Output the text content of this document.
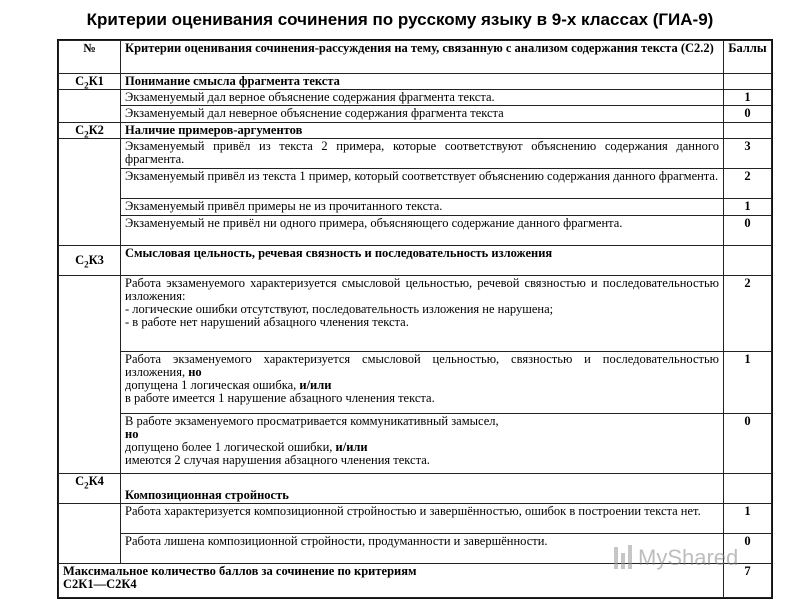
Критерии оценивания сочинения по русскому языку в 9-х классах (ГИА-9)
№	Критерии оценивания сочинения-рассуждения на тему, связанную с анализом содержания текста (С2.2)	Баллы
$С_2К1$	Понимание смысла фрагмента текста	
	Экзаменуемый дал верное объяснение содержания фрагмента текста.	1
	Экзаменуемый дал неверное объяснение содержания фрагмента текста	0
$С_2К2$	Наличие примеров-аргументов	
	Экзаменуемый привёл из текста 2 примера, которые соответствуют объяснению содержания данного фрагмента.	3
	Экзаменуемый привёл из текста 1 пример, который соответствует объяснению содержания данного фрагмента.	2
	Экзаменуемый привёл примеры не из прочитанного текста.	1
	Экзаменуемый не привёл ни одного примера, объясняющего содержание данного фрагмента.	0
$С_2К3$	Смысловая цельность, речевая связность и последовательность изложения	

	Работа экзаменуемого характеризуется смысловой цельностью, речевой связностью и последовательностью изложения:
- логические ошибки отсутствуют, последовательность изложения не нарушена;
- в работе нет нарушений абзацного членения текста.	2
	Работа экзаменуемого характеризуется смысловой цельностью, связностью и последовательностью изложения, но
допущена 1 логическая ошибка, и/или
в работе имеется 1 нарушение абзацного членения текста.	1
	В работе экзаменуемого просматривается коммуникативный замысел,
но
допущено более 1 логической ошибки, и/или
имеются 2 случая нарушения абзацного членения текста.	0
$С_2К4$	Композиционная стройность	
	Работа характеризуется композиционной стройностью и завершённостью, ошибок в построении текста нет.	1
	Работа лишена композиционной стройности, продуманности и завершённости.	0

Максимальное количество баллов за сочинение по критериям
С2К1—С2К4		7
MyShared
